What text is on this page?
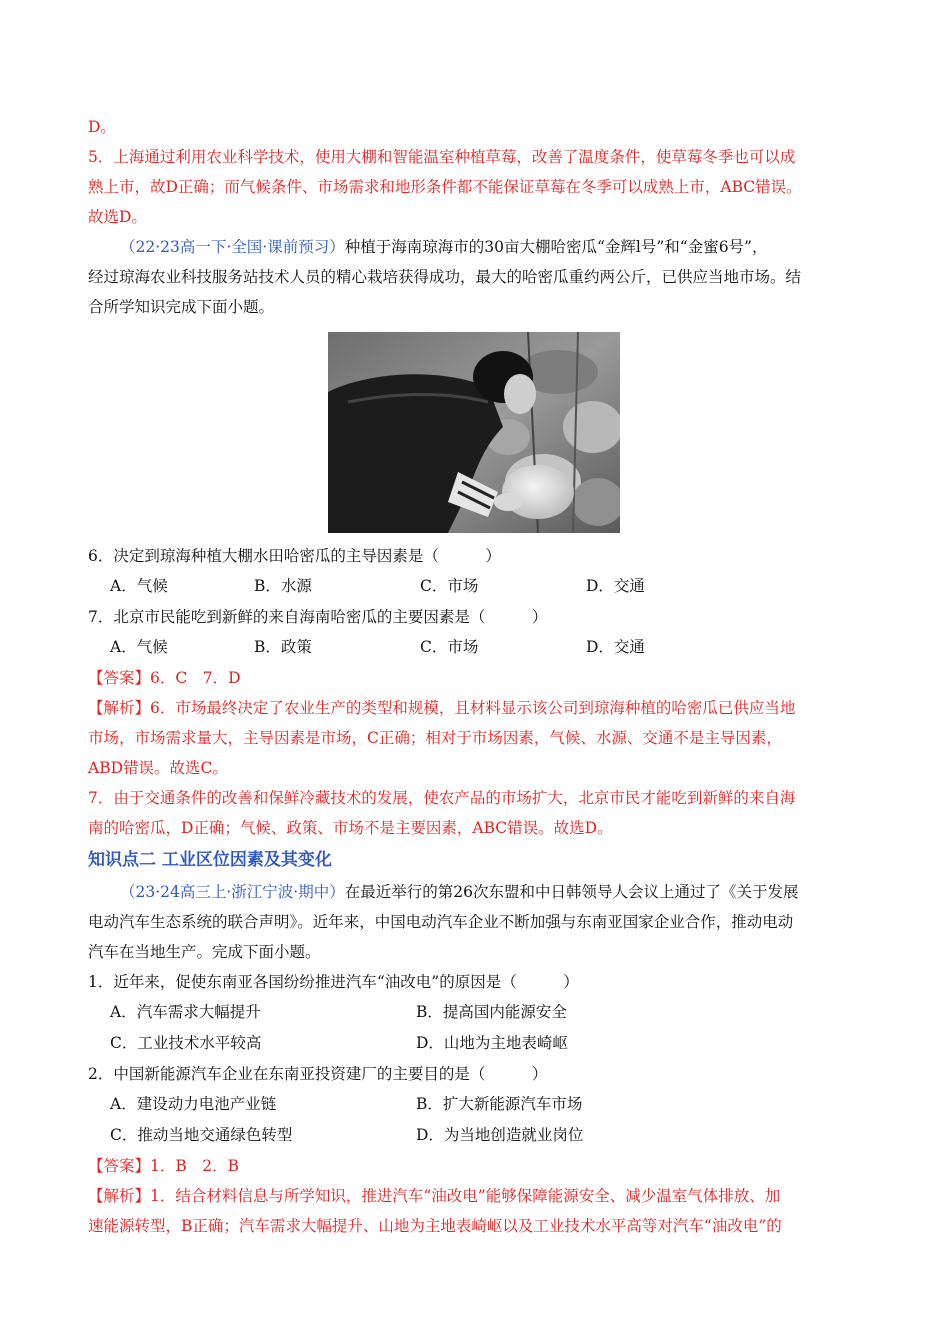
D。
5．上海通过利用农业科学技术，使用大棚和智能温室种植草莓，改善了温度条件，使草莓冬季也可以成
熟上市，故D正确；而气候条件、市场需求和地形条件都不能保证草莓在冬季可以成熟上市，ABC错误。
故选D。
（22·23高一下·全国·课前预习）种植于海南琼海市的30亩大棚哈密瓜“金辉l号”和“金蜜6号”，
经过琼海农业科技服务站技术人员的精心栽培获得成功，最大的哈密瓜重约两公斤，已供应当地市场。结
合所学知识完成下面小题。
6．决定到琼海种植大棚水田哈密瓜的主导因素是（　　　）
A．气候	B．水源	C．市场	D．交通
7．北京市民能吃到新鲜的来自海南哈密瓜的主要因素是（　　　）
A．气候	B．政策	C．市场	D．交通
【答案】6．C　7．D
【解析】6．市场最终决定了农业生产的类型和规模，且材料显示该公司到琼海种植的哈密瓜已供应当地
市场，市场需求量大，主导因素是市场，C正确；相对于市场因素，气候、水源、交通不是主导因素，
ABD错误。故选C。
7．由于交通条件的改善和保鲜冷藏技术的发展，使农产品的市场扩大，北京市民才能吃到新鲜的来自海
南的哈密瓜，D正确；气候、政策、市场不是主要因素，ABC错误。故选D。
知识点二 工业区位因素及其变化
（23·24高三上·浙江宁波·期中）在最近举行的第26次东盟和中日韩领导人会议上通过了《关于发展
电动汽车生态系统的联合声明》。近年来，中国电动汽车企业不断加强与东南亚国家企业合作，推动电动
汽车在当地生产。完成下面小题。
1．近年来，促使东南亚各国纷纷推进汽车“油改电”的原因是（　　　）
A．汽车需求大幅提升	B．提高国内能源安全
C．工业技术水平较高	D．山地为主地表崎岖
2．中国新能源汽车企业在东南亚投资建厂的主要目的是（　　　）
A．建设动力电池产业链	B．扩大新能源汽车市场
C．推动当地交通绿色转型	D．为当地创造就业岗位
【答案】1．B　2．B
【解析】1．结合材料信息与所学知识，推进汽车“油改电”能够保障能源安全、减少温室气体排放、加
速能源转型，B正确；汽车需求大幅提升、山地为主地表崎岖以及工业技术水平高等对汽车“油改电”的
